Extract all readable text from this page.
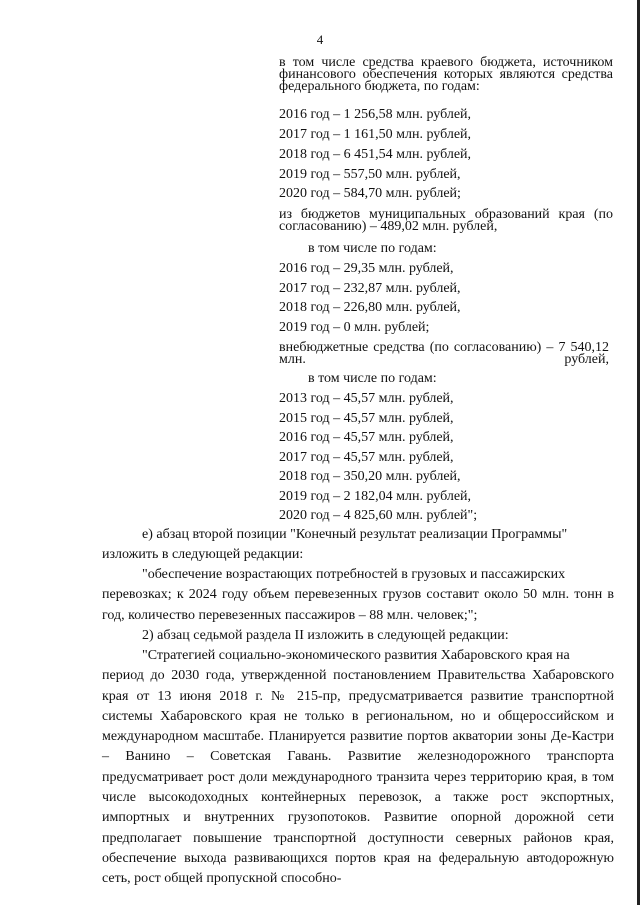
4
в том числе средства краевого бюджета, источником финансового обеспечения которых являются средства федерального бюджета, по годам:
2016 год – 1 256,58 млн. рублей,
2017 год – 1 161,50 млн. рублей,
2018 год – 6 451,54 млн. рублей,
2019 год – 557,50 млн. рублей,
2020 год – 584,70 млн. рублей;
из бюджетов муниципальных образований края (по согласованию) – 489,02 млн. рублей,
в том числе по годам:
2016 год – 29,35 млн. рублей,
2017 год – 232,87 млн. рублей,
2018 год – 226,80 млн. рублей,
2019 год – 0 млн. рублей;
внебюджетные средства (по согласованию) – 7 540,12 млн. рублей,
в том числе по годам:
2013 год – 45,57 млн. рублей,
2015 год – 45,57 млн. рублей,
2016 год – 45,57 млн. рублей,
2017 год – 45,57 млн. рублей,
2018 год – 350,20 млн. рублей,
2019 год – 2 182,04 млн. рублей,
2020 год – 4 825,60 млн. рублей";
е) абзац второй позиции "Конечный результат реализации Программы"
изложить в следующей редакции:
"обеспечение возрастающих потребностей в грузовых и пассажирских
перевозках; к 2024 году объем перевезенных грузов составит около 50 млн. тонн в год, количество перевезенных пассажиров – 88 млн. человек;";
2) абзац седьмой раздела II изложить в следующей редакции:
"Стратегией социально-экономического развития Хабаровского края на
период до 2030 года, утвержденной постановлением Правительства Хабаровского края от 13 июня 2018 г. № 215-пр, предусматривается развитие транспортной системы Хабаровского края не только в региональном, но и общероссийском и международном масштабе. Планируется развитие портов акватории зоны Де-Кастри – Ванино – Советская Гавань. Развитие железнодорожного транспорта предусматривает рост доли международного транзита через территорию края, в том числе высокодоходных контейнерных перевозок, а также рост экспортных, импортных и внутренних грузопотоков. Развитие опорной дорожной сети предполагает повышение транспортной доступности северных районов края, обеспечение выхода развивающихся портов края на федеральную автодорожную сеть, рост общей пропускной способно-
